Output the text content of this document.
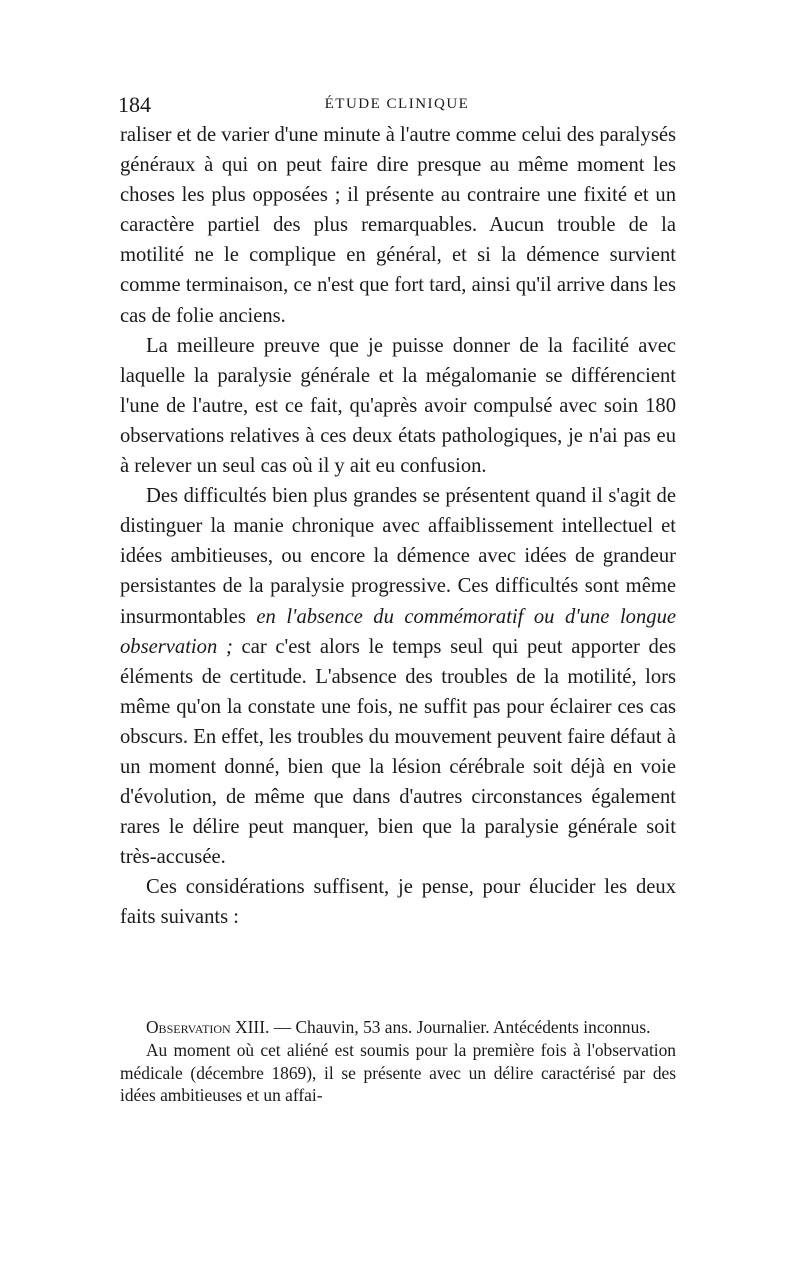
184	ÉTUDE CLINIQUE

raliser et de varier d'une minute à l'autre comme celui des paralysés généraux à qui on peut faire dire presque au même moment les choses les plus opposées ; il présente au contraire une fixité et un caractère partiel des plus remarquables. Aucun trouble de la motilité ne le complique en général, et si la démence survient comme terminaison, ce n'est que fort tard, ainsi qu'il arrive dans les cas de folie anciens.

La meilleure preuve que je puisse donner de la facilité avec laquelle la paralysie générale et la mégalomanie se différencient l'une de l'autre, est ce fait, qu'après avoir compulsé avec soin 180 observations relatives à ces deux états pathologiques, je n'ai pas eu à relever un seul cas où il y ait eu confusion.

Des difficultés bien plus grandes se présentent quand il s'agit de distinguer la manie chronique avec affaiblissement intellectuel et idées ambitieuses, ou encore la démence avec idées de grandeur persistantes de la paralysie progressive. Ces difficultés sont même insurmontables en l'absence du commémoratif ou d'une longue observation ; car c'est alors le temps seul qui peut apporter des éléments de certitude. L'absence des troubles de la motilité, lors même qu'on la constate une fois, ne suffit pas pour éclairer ces cas obscurs. En effet, les troubles du mouvement peuvent faire défaut à un moment donné, bien que la lésion cérébrale soit déjà en voie d'évolution, de même que dans d'autres circonstances également rares le délire peut manquer, bien que la paralysie générale soit très-accusée.

Ces considérations suffisent, je pense, pour élucider les deux faits suivants :

Observation XIII. — Chauvin, 53 ans. Journalier. Antécédents inconnus.

Au moment où cet aliéné est soumis pour la première fois à l'observation médicale (décembre 1869), il se présente avec un délire caractérisé par des idées ambitieuses et un affai-
